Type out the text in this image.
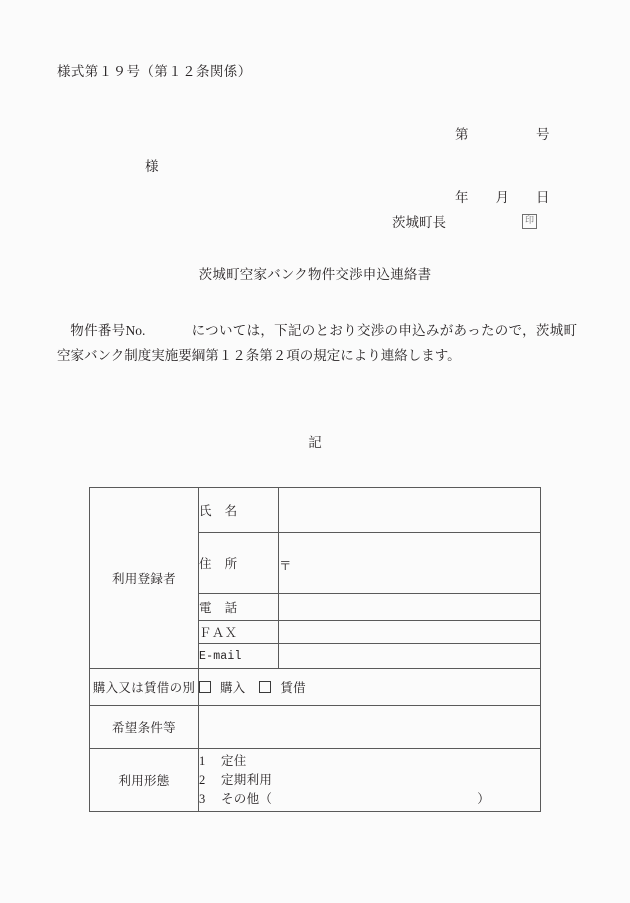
様式第１９号（第１２条関係）

第　　　　　号

年　　月　　日

様
茨城町長	印
茨城町空家バンク物件交渉申込連絡書
物件番号No.	については，下記のとおり交渉の申込みがあったので，茨城町空家バンク制度実施要綱第１２条第２項の規定により連絡します。
記
利用登録者	氏　名	
	住　所	〒

	電　話	
	ＦＡＸ	
	E-mail	
購入又は賃借の別	購入 賃借	
希望条件等		
利用形態	1 定住
2 定期利用
3 その他（ ）	
